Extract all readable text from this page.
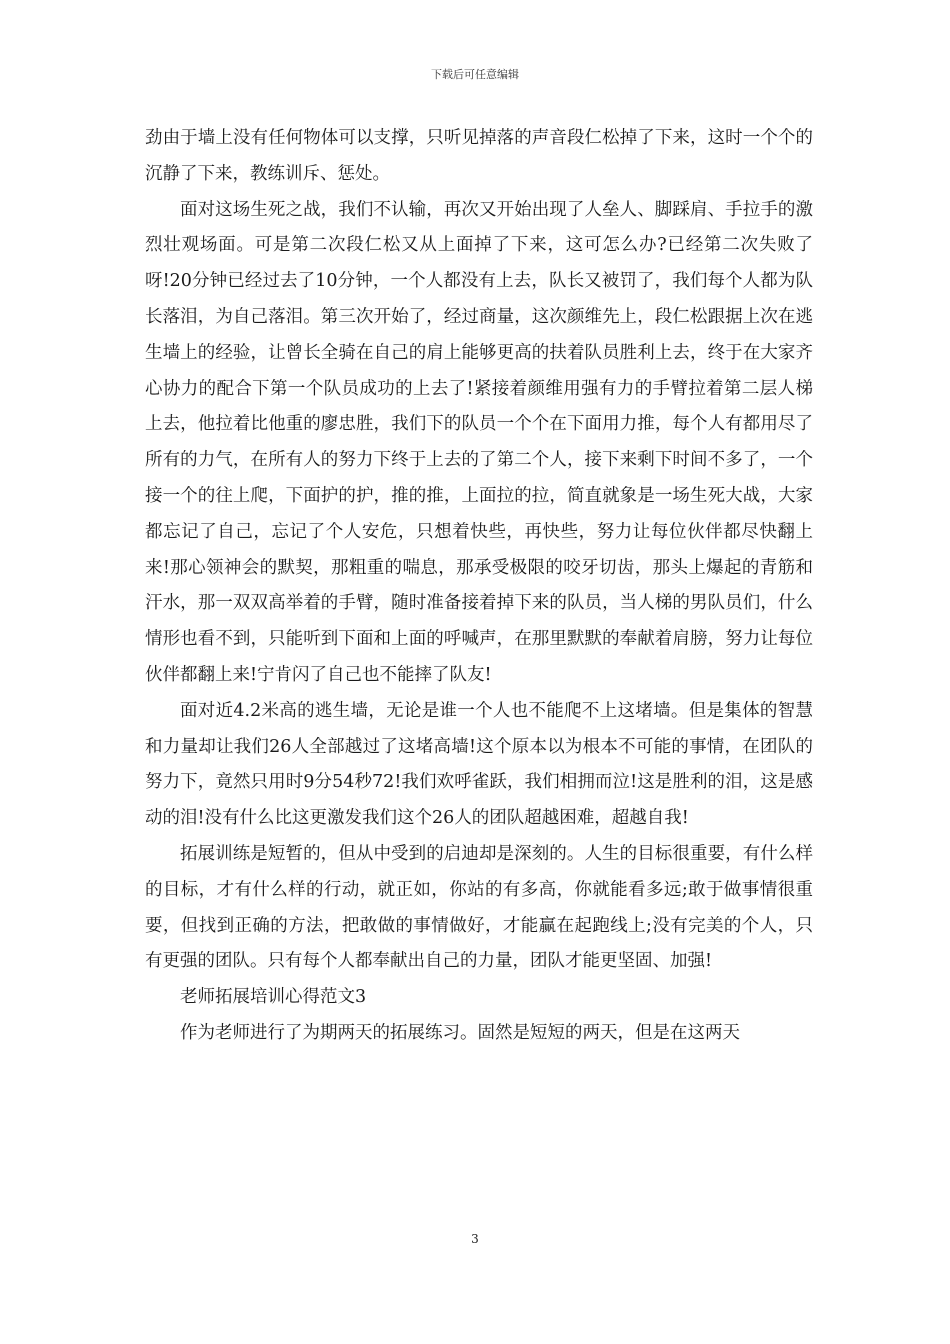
下载后可任意编辑

劲由于墙上没有任何物体可以支撑，只听见掉落的声音段仁松掉了下来，这时一个个的沉静了下来，教练训斥、惩处。

面对这场生死之战，我们不认输，再次又开始出现了人垒人、脚踩肩、手拉手的激烈壮观场面。可是第二次段仁松又从上面掉了下来，这可怎么办?已经第二次失败了呀!20分钟已经过去了10分钟，一个人都没有上去，队长又被罚了，我们每个人都为队长落泪，为自己落泪。第三次开始了，经过商量，这次颜维先上，段仁松跟据上次在逃生墙上的经验，让曾长全骑在自己的肩上能够更高的扶着队员胜利上去，终于在大家齐心协力的配合下第一个队员成功的上去了!紧接着颜维用强有力的手臂拉着第二层人梯上去，他拉着比他重的廖忠胜，我们下的队员一个个在下面用力推，每个人有都用尽了所有的力气，在所有人的努力下终于上去的了第二个人，接下来剩下时间不多了，一个接一个的往上爬，下面护的护，推的推，上面拉的拉，简直就象是一场生死大战，大家都忘记了自己，忘记了个人安危，只想着快些，再快些，努力让每位伙伴都尽快翻上来!那心领神会的默契，那粗重的喘息，那承受极限的咬牙切齿，那头上爆起的青筋和汗水，那一双双高举着的手臂，随时准备接着掉下来的队员，当人梯的男队员们，什么情形也看不到，只能听到下面和上面的呼喊声，在那里默默的奉献着肩膀，努力让每位伙伴都翻上来!宁肯闪了自己也不能摔了队友!

面对近4.2米高的逃生墙，无论是谁一个人也不能爬不上这堵墙。但是集体的智慧和力量却让我们26人全部越过了这堵高墙!这个原本以为根本不可能的事情，在团队的努力下，竟然只用时9分54秒72!我们欢呼雀跃，我们相拥而泣!这是胜利的泪，这是感动的泪!没有什么比这更激发我们这个26人的团队超越困难，超越自我!

拓展训练是短暂的，但从中受到的启迪却是深刻的。人生的目标很重要，有什么样的目标，才有什么样的行动，就正如，你站的有多高，你就能看多远;敢于做事情很重要，但找到正确的方法，把敢做的事情做好，才能赢在起跑线上;没有完美的个人，只有更强的团队。只有每个人都奉献出自己的力量，团队才能更坚固、加强!

老师拓展培训心得范文3

作为老师进行了为期两天的拓展练习。固然是短短的两天，但是在这两天

3
